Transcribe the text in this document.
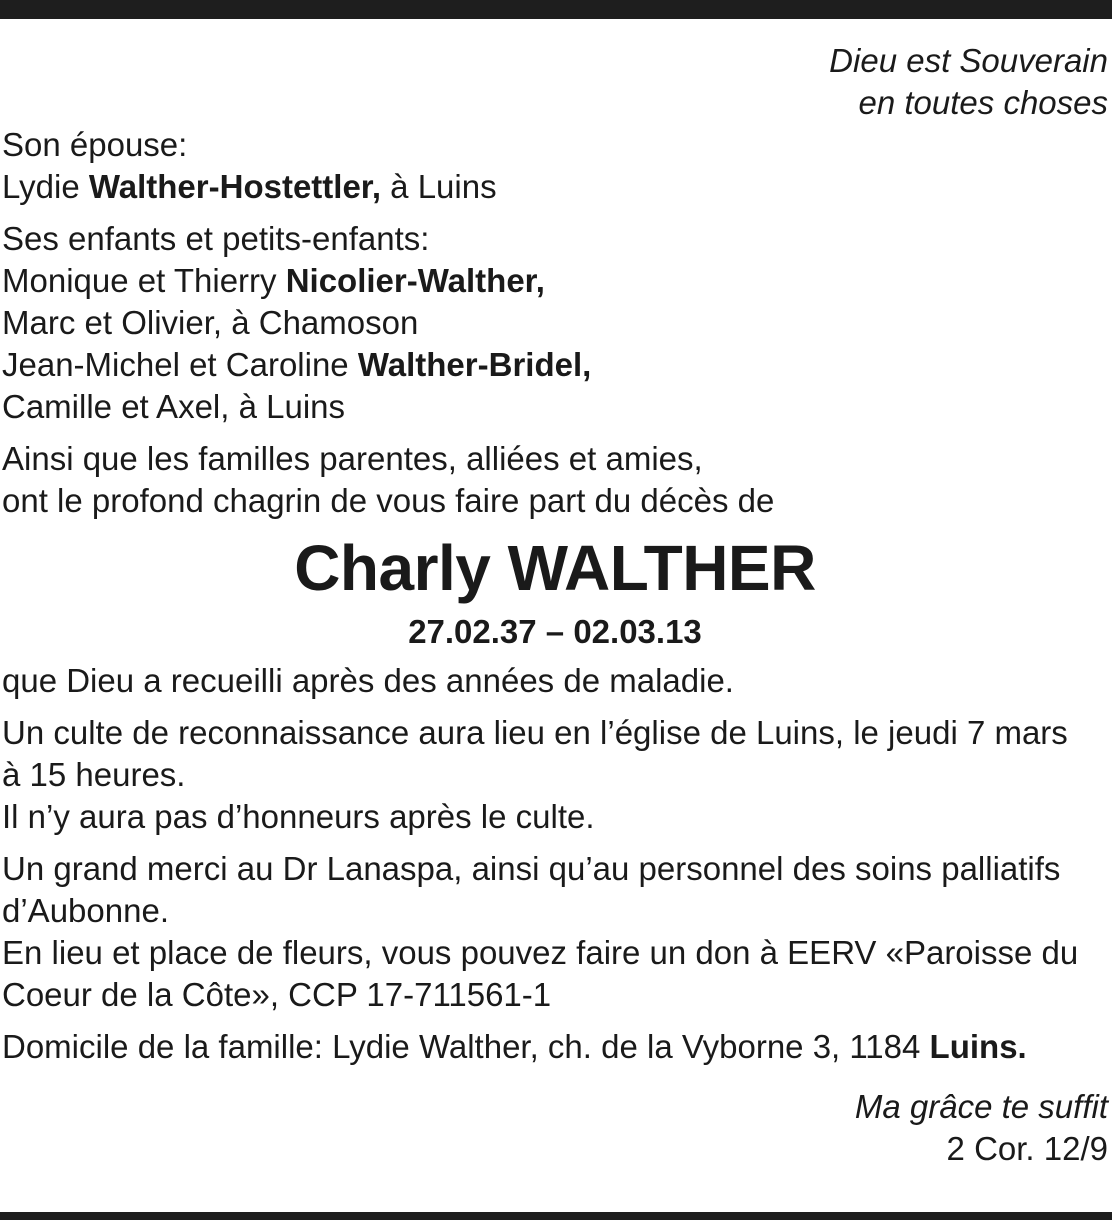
Dieu est Souverain
en toutes choses
Son épouse:
Lydie Walther-Hostettler, à Luins
Ses enfants et petits-enfants:
Monique et Thierry Nicolier-Walther,
Marc et Olivier, à Chamoson
Jean-Michel et Caroline Walther-Bridel,
Camille et Axel, à Luins
Ainsi que les familles parentes, alliées et amies,
ont le profond chagrin de vous faire part du décès de
Charly WALTHER
27.02.37 – 02.03.13
que Dieu a recueilli après des années de maladie.
Un culte de reconnaissance aura lieu en l’église de Luins, le jeudi 7 mars
à 15 heures.
Il n’y aura pas d’honneurs après le culte.
Un grand merci au Dr Lanaspa, ainsi qu’au personnel des soins palliatifs
d’Aubonne.
En lieu et place de fleurs, vous pouvez faire un don à EERV «Paroisse du
Coeur de la Côte», CCP 17-711561-1
Domicile de la famille: Lydie Walther, ch. de la Vyborne 3, 1184 Luins.
Ma grâce te suffit
2 Cor. 12/9
